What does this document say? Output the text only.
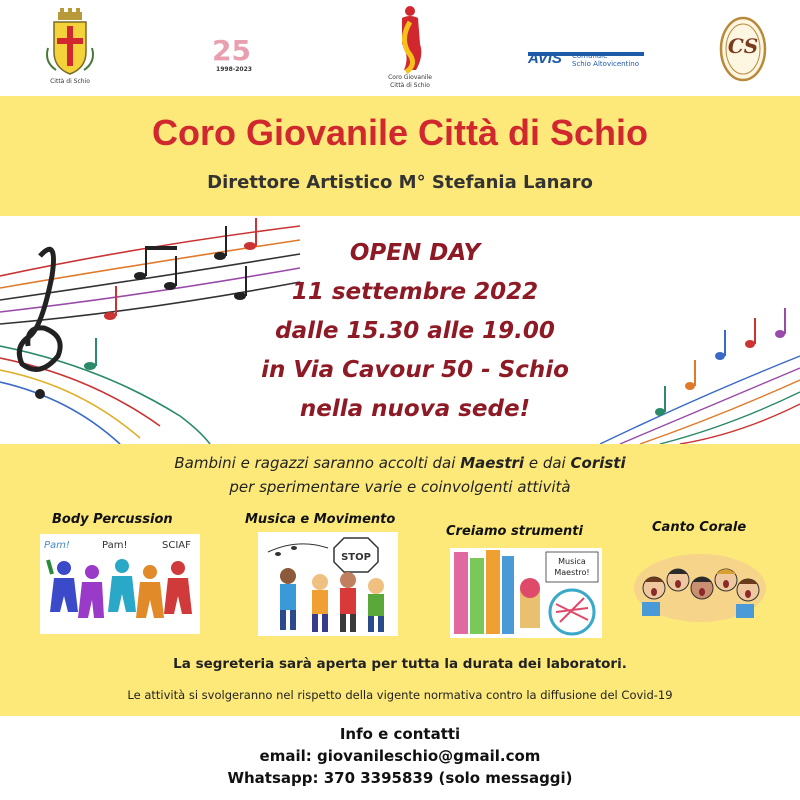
Città di Schio
25
1998-2023
Coro Giovanile
Città di Schio
AVIS Comunale
Schio Altovicentino
CS
Coro Giovanile Città di Schio
Direttore Artistico M° Stefania Lanaro
OPEN DAY
11 settembre 2022
dalle 15.30 alle 19.00
in Via Cavour 50 - Schio
nella nuova sede!
Bambini e ragazzi saranno accolti dai Maestri e dai Coristi
per sperimentare varie e coinvolgenti attività
Body Percussion
Pam!	Pam!	SCIAF
Musica e Movimento
STOP
Creiamo strumenti
Musica
Maestro!
Canto Corale
La segreteria sarà aperta per tutta la durata dei laboratori.
Le attività si svolgeranno nel rispetto della vigente normativa contro la diffusione del Covid-19
Info e contatti
email: giovanileschio@gmail.com
Whatsapp: 370 3395839 (solo messaggi)
